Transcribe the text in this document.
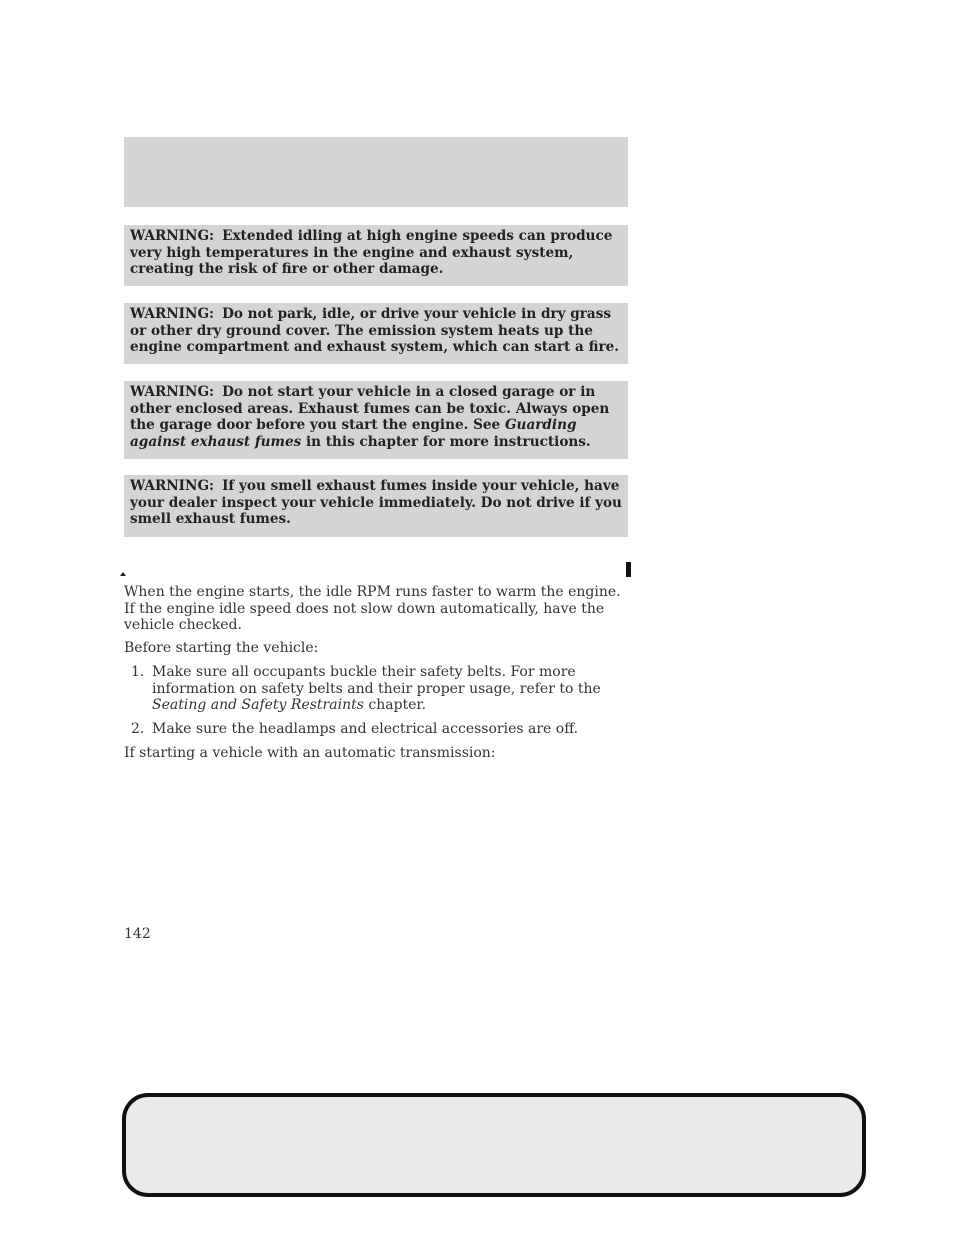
WARNING: Extended idling at high engine speeds can produce very high temperatures in the engine and exhaust system, creating the risk of fire or other damage.
WARNING: Do not park, idle, or drive your vehicle in dry grass or other dry ground cover. The emission system heats up the engine compartment and exhaust system, which can start a fire.
WARNING: Do not start your vehicle in a closed garage or in other enclosed areas. Exhaust fumes can be toxic. Always open the garage door before you start the engine. See Guarding against exhaust fumes in this chapter for more instructions.
WARNING: If you smell exhaust fumes inside your vehicle, have your dealer inspect your vehicle immediately. Do not drive if you smell exhaust fumes.
When the engine starts, the idle RPM runs faster to warm the engine. If the engine idle speed does not slow down automatically, have the vehicle checked.
Before starting the vehicle:
1. Make sure all occupants buckle their safety belts. For more information on safety belts and their proper usage, refer to the Seating and Safety Restraints chapter.
2. Make sure the headlamps and electrical accessories are off.
If starting a vehicle with an automatic transmission:
142
